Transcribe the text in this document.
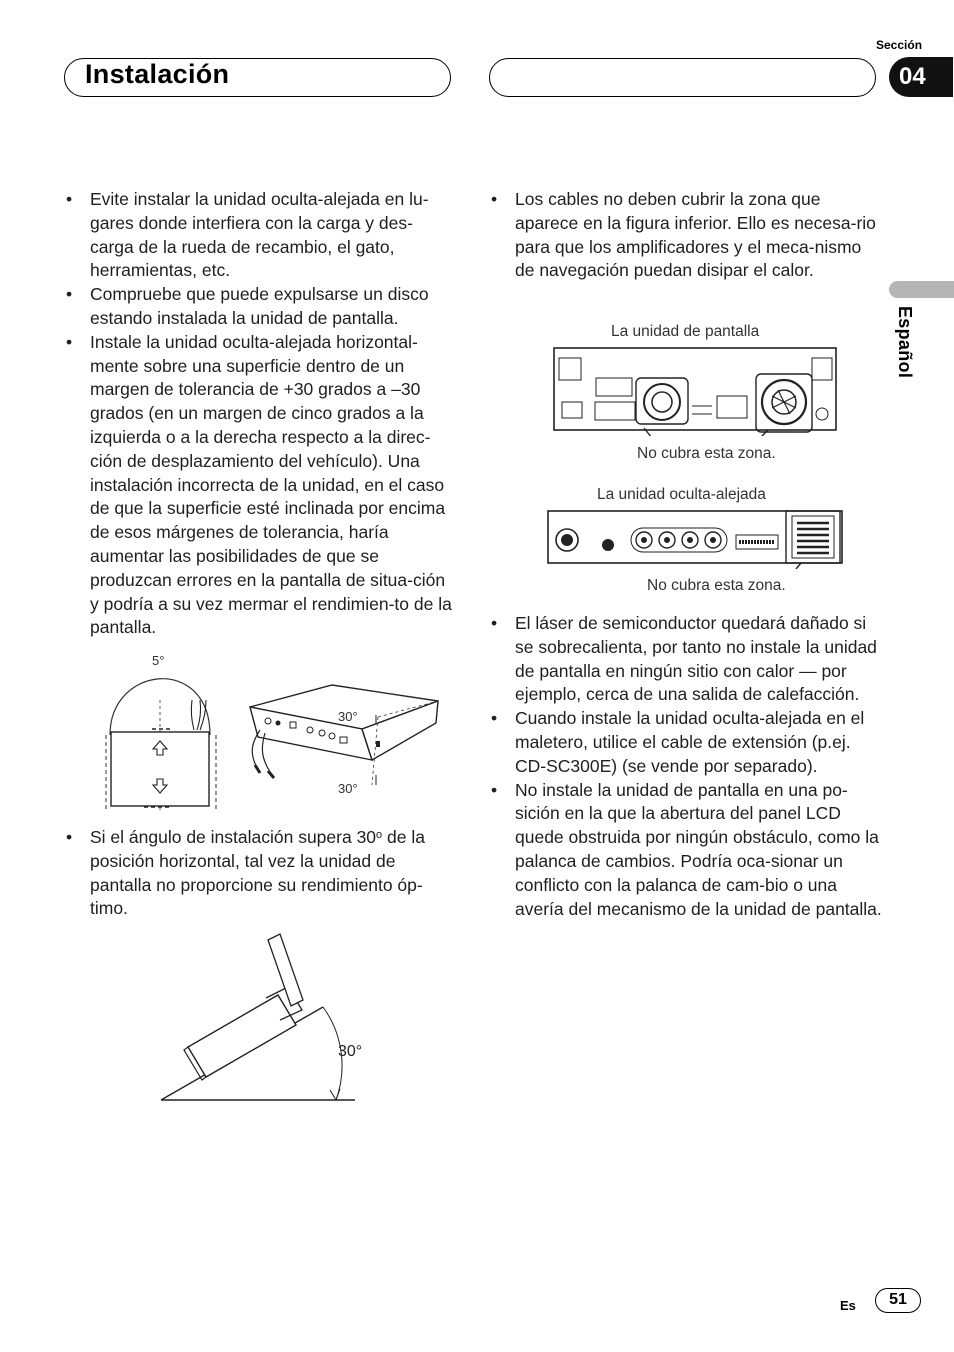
Sección
Instalación	04
Español
• Evite instalar la unidad oculta-alejada en lu-gares donde interfiera con la carga y des-carga de la rueda de recambio, el gato, herramientas, etc.
• Compruebe que puede expulsarse un disco estando instalada la unidad de pantalla.
• Instale la unidad oculta-alejada horizontal-mente sobre una superficie dentro de un margen de tolerancia de +30 grados a –30 grados (en un margen de cinco grados a la izquierda o a la derecha respecto a la direc-ción de desplazamiento del vehículo). Una instalación incorrecta de la unidad, en el caso de que la superficie esté inclinada por encima de esos márgenes de tolerancia, haría aumentar las posibilidades de que se produzcan errores en la pantalla de situa-ción y podría a su vez mermar el rendimien-to de la pantalla.
5°
30°
30°
• Si el ángulo de instalación supera 30$^o$ de la posición horizontal, tal vez la unidad de pantalla no proporcione su rendimiento óp-timo.
30°
• Los cables no deben cubrir la zona que aparece en la figura inferior. Ello es necesa-rio para que los amplificadores y el meca-nismo de navegación puedan disipar el calor.
La unidad de pantalla
No cubra esta zona.
La unidad oculta-alejada
No cubra esta zona.
• El láser de semiconductor quedará dañado si se sobrecalienta, por tanto no instale la unidad de pantalla en ningún sitio con calor — por ejemplo, cerca de una salida de calefacción.
• Cuando instale la unidad oculta-alejada en el maletero, utilice el cable de extensión (p.ej. CD-SC300E) (se vende por separado).
• No instale la unidad de pantalla en una po-sición en la que la abertura del panel LCD quede obstruida por ningún obstáculo, como la palanca de cambios. Podría oca-sionar un conflicto con la palanca de cam-bio o una avería del mecanismo de la unidad de pantalla.
Es	51
